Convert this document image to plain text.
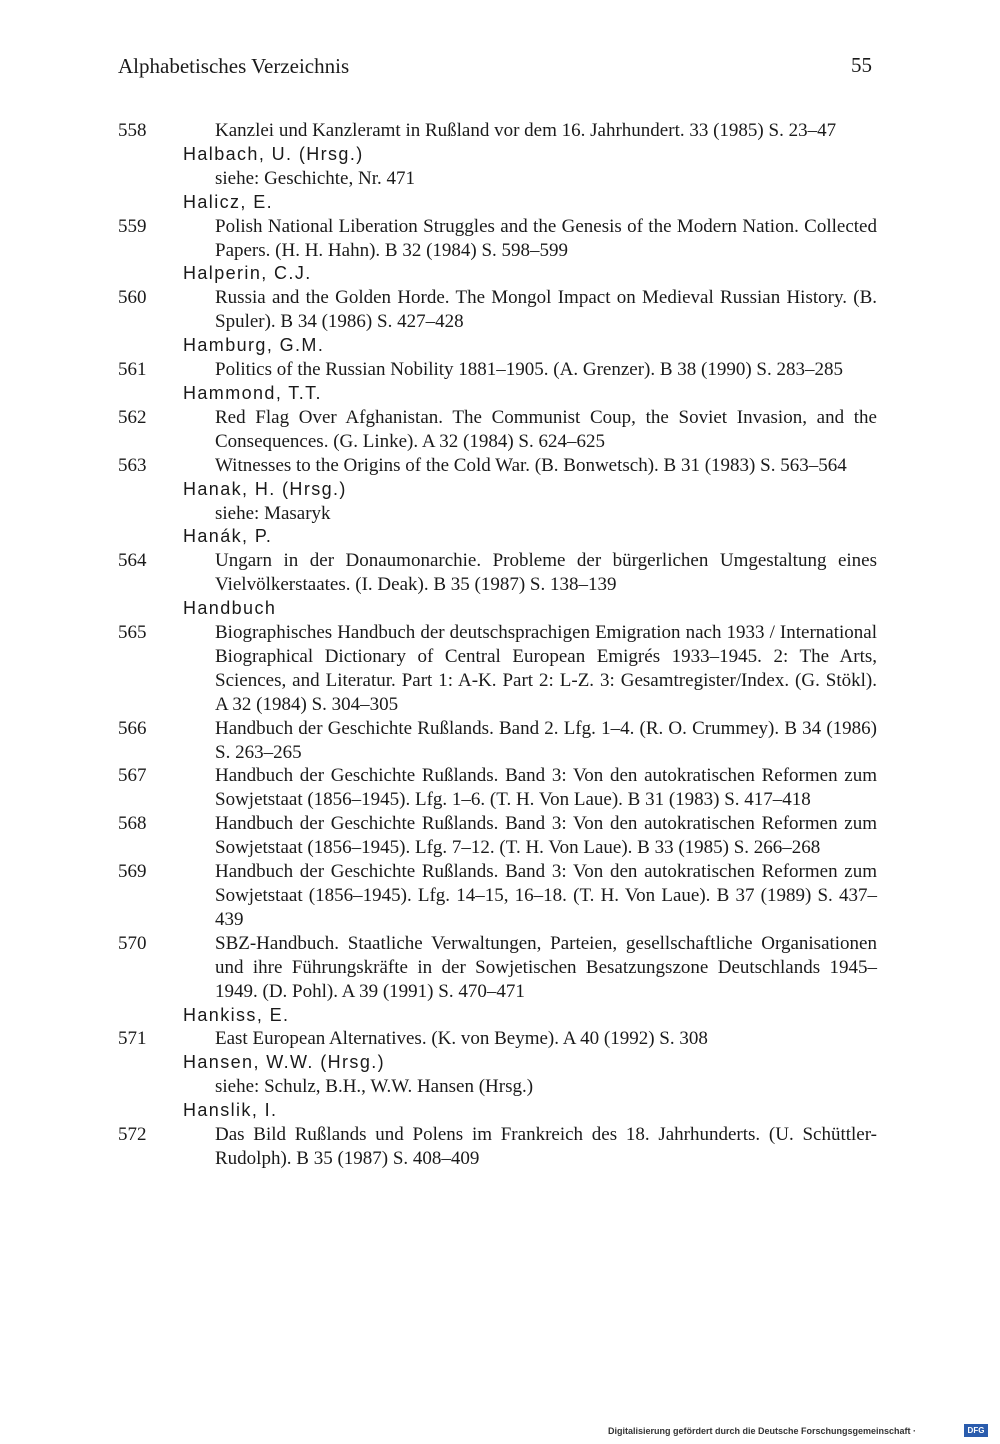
Alphabetisches Verzeichnis	55
558	Kanzlei und Kanzleramt in Rußland vor dem 16. Jahrhundert. 33 (1985) S. 23–47
Halbach, U. (Hrsg.)
siehe: Geschichte, Nr. 471
Halicz, E.
559	Polish National Liberation Struggles and the Genesis of the Modern Nation. Collected Papers. (H. H. Hahn). B 32 (1984) S. 598–599
Halperin, C.J.
560	Russia and the Golden Horde. The Mongol Impact on Medieval Russian History. (B. Spuler). B 34 (1986) S. 427–428
Hamburg, G.M.
561	Politics of the Russian Nobility 1881–1905. (A. Grenzer). B 38 (1990) S. 283–285
Hammond, T.T.
562	Red Flag Over Afghanistan. The Communist Coup, the Soviet Invasion, and the Consequences. (G. Linke). A 32 (1984) S. 624–625
563	Witnesses to the Origins of the Cold War. (B. Bonwetsch). B 31 (1983) S. 563–564
Hanak, H. (Hrsg.)
siehe: Masaryk
Hanák, P.
564	Ungarn in der Donaumonarchie. Probleme der bürgerlichen Umgestaltung eines Vielvölkerstaates. (I. Deak). B 35 (1987) S. 138–139
Handbuch
565	Biographisches Handbuch der deutschsprachigen Emigration nach 1933 / International Biographical Dictionary of Central European Emigrés 1933–1945. 2: The Arts, Sciences, and Literatur. Part 1: A-K. Part 2: L-Z. 3: Gesamtregister/Index. (G. Stökl). A 32 (1984) S. 304–305
566	Handbuch der Geschichte Rußlands. Band 2. Lfg. 1–4. (R. O. Crummey). B 34 (1986) S. 263–265
567	Handbuch der Geschichte Rußlands. Band 3: Von den autokratischen Reformen zum Sowjetstaat (1856–1945). Lfg. 1–6. (T. H. Von Laue). B 31 (1983) S. 417–418
568	Handbuch der Geschichte Rußlands. Band 3: Von den autokratischen Reformen zum Sowjetstaat (1856–1945). Lfg. 7–12. (T. H. Von Laue). B 33 (1985) S. 266–268
569	Handbuch der Geschichte Rußlands. Band 3: Von den autokratischen Reformen zum Sowjetstaat (1856–1945). Lfg. 14–15, 16–18. (T. H. Von Laue). B 37 (1989) S. 437–439
570	SBZ-Handbuch. Staatliche Verwaltungen, Parteien, gesellschaftliche Organisationen und ihre Führungskräfte in der Sowjetischen Besatzungszone Deutschlands 1945–1949. (D. Pohl). A 39 (1991) S. 470–471
Hankiss, E.
571	East European Alternatives. (K. von Beyme). A 40 (1992) S. 308
Hansen, W.W. (Hrsg.)
siehe: Schulz, B.H., W.W. Hansen (Hrsg.)
Hanslik, I.
572	Das Bild Rußlands und Polens im Frankreich des 18. Jahrhunderts. (U. Schüttler-Rudolph). B 35 (1987) S. 408–409
Digitalisierung gefördert durch die Deutsche Forschungsgemeinschaft ·	DFG
